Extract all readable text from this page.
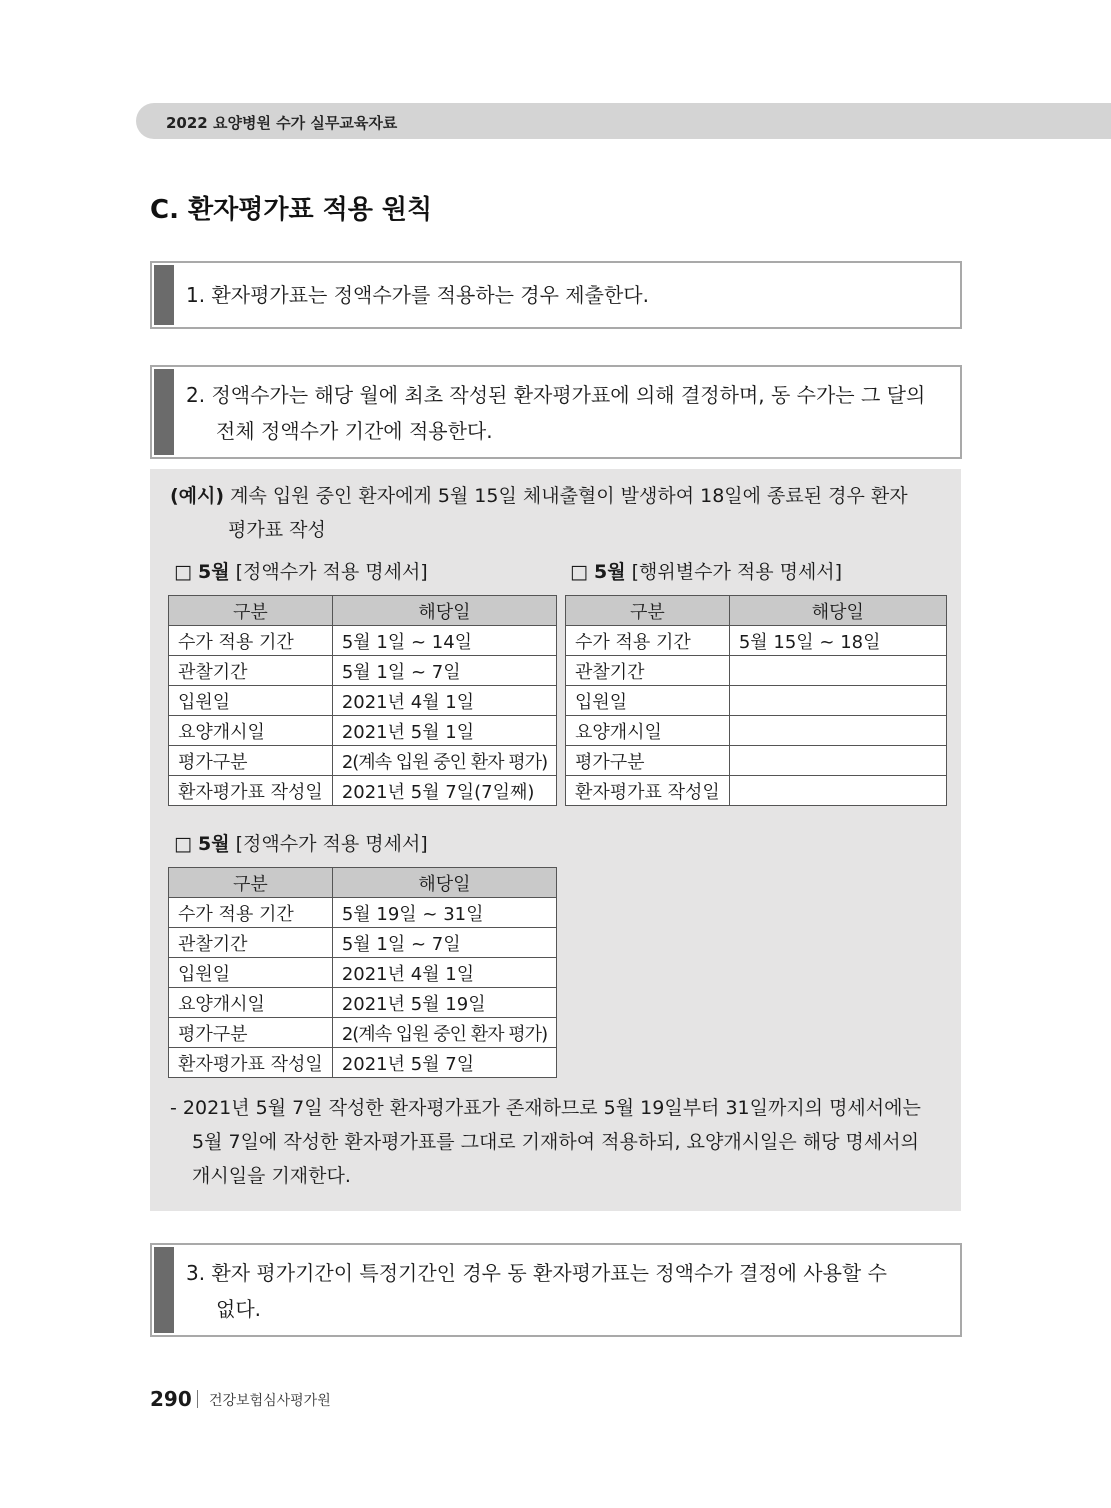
2022 요양병원 수가 실무교육자료
C. 환자평가표 적용 원칙
1. 환자평가표는 정액수가를 적용하는 경우 제출한다.
2. 정액수가는 해당 월에 최초 작성된 환자평가표에 의해 결정하며, 동 수가는 그 달의
전체 정액수가 기간에 적용한다.
(예시) 계속 입원 중인 환자에게 5월 15일 체내출혈이 발생하여 18일에 종료된 경우 환자
평가표 작성
□ 5월 [정액수가 적용 명세서]
구분	해당일
수가 적용 기간	5월 1일 ~ 14일
관찰기간	5월 1일 ~ 7일
입원일	2021년 4월 1일
요양개시일	2021년 5월 1일
평가구분	2(계속 입원 중인 환자 평가)
환자평가표 작성일	2021년 5월 7일(7일째)
□ 5월 [행위별수가 적용 명세서]
구분	해당일
수가 적용 기간	5월 15일 ~ 18일
관찰기간	
입원일	
요양개시일	
평가구분	
환자평가표 작성일	
□ 5월 [정액수가 적용 명세서]
구분	해당일
수가 적용 기간	5월 19일 ~ 31일
관찰기간	5월 1일 ~ 7일
입원일	2021년 4월 1일
요양개시일	2021년 5월 19일
평가구분	2(계속 입원 중인 환자 평가)
환자평가표 작성일	2021년 5월 7일
- 2021년 5월 7일 작성한 환자평가표가 존재하므로 5월 19일부터 31일까지의 명세서에는
5월 7일에 작성한 환자평가표를 그대로 기재하여 적용하되, 요양개시일은 해당 명세서의
개시일을 기재한다.
3. 환자 평가기간이 특정기간인 경우 동 환자평가표는 정액수가 결정에 사용할 수
없다.
290 건강보험심사평가원
